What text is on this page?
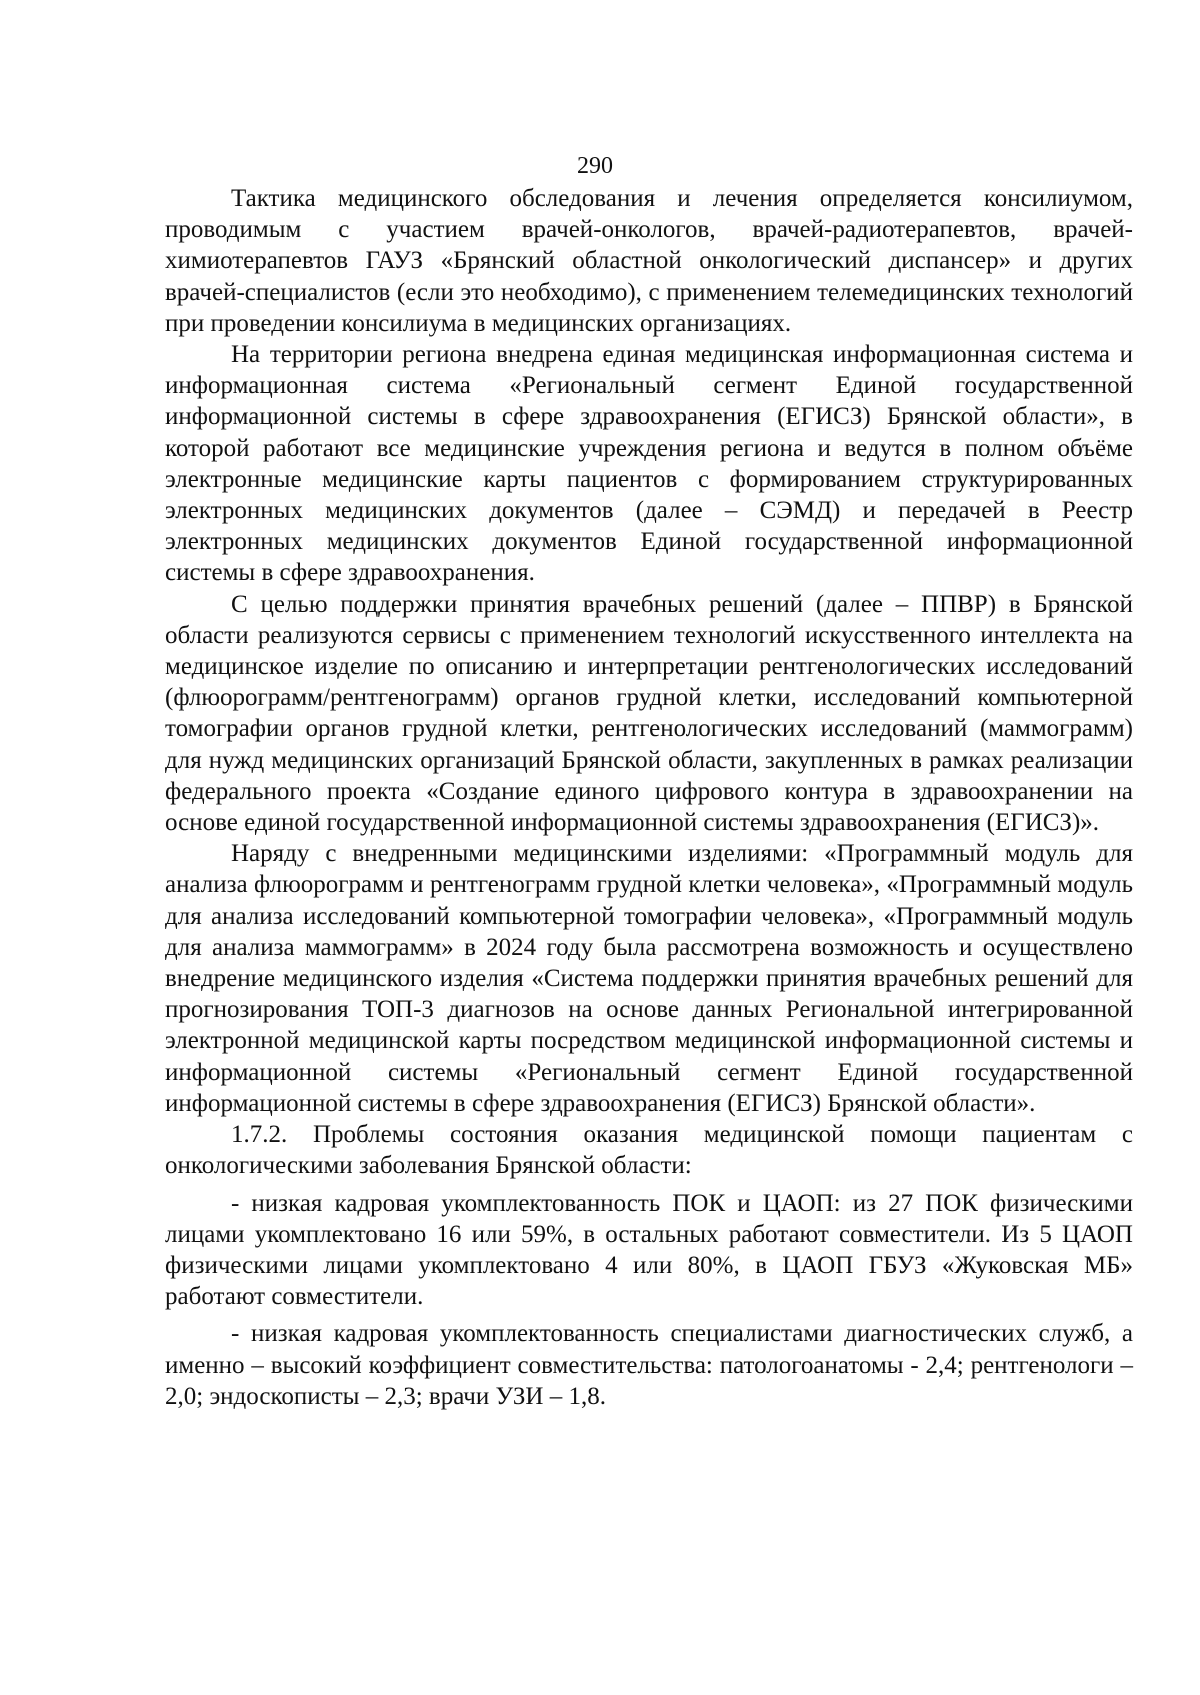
290

Тактика медицинского обследования и лечения определяется консилиумом, проводимым с участием врачей-онкологов, врачей-радиотерапевтов, врачей-химиотерапевтов ГАУЗ «Брянский областной онкологический диспансер» и других врачей-специалистов (если это необходимо), с применением телемедицинских технологий при проведении консилиума в медицинских организациях.

На территории региона внедрена единая медицинская информационная система и информационная система «Региональный сегмент Единой государственной информационной системы в сфере здравоохранения (ЕГИСЗ) Брянской области», в которой работают все медицинские учреждения региона и ведутся в полном объёме электронные медицинские карты пациентов с формированием структурированных электронных медицинских документов (далее – СЭМД) и передачей в Реестр электронных медицинских документов Единой государственной информационной системы в сфере здравоохранения.

С целью поддержки принятия врачебных решений (далее – ППВР) в Брянской области реализуются сервисы с применением технологий искусственного интеллекта на медицинское изделие по описанию и интерпретации рентгенологических исследований (флюорограмм/рентгенограмм) органов грудной клетки, исследований компьютерной томографии органов грудной клетки, рентгенологических исследований (маммограмм) для нужд медицинских организаций Брянской области, закупленных в рамках реализации федерального проекта «Создание единого цифрового контура в здравоохранении на основе единой государственной информационной системы здравоохранения (ЕГИСЗ)».

Наряду с внедренными медицинскими изделиями: «Программный модуль для анализа флюорограмм и рентгенограмм грудной клетки человека», «Программный модуль для анализа исследований компьютерной томографии человека», «Программный модуль для анализа маммограмм» в 2024 году была рассмотрена возможность и осуществлено внедрение медицинского изделия «Система поддержки принятия врачебных решений для прогнозирования ТОП-3 диагнозов на основе данных Региональной интегрированной электронной медицинской карты посредством медицинской информационной системы и информационной системы «Региональный сегмент Единой государственной информационной системы в сфере здравоохранения (ЕГИСЗ) Брянской области».

1.7.2. Проблемы состояния оказания медицинской помощи пациентам с онкологическими заболевания Брянской области:

- низкая кадровая укомплектованность ПОК и ЦАОП: из 27 ПОК физическими лицами укомплектовано 16 или 59%, в остальных работают совместители. Из 5 ЦАОП физическими лицами укомплектовано 4 или 80%, в ЦАОП ГБУЗ «Жуковская МБ» работают совместители.

- низкая кадровая укомплектованность специалистами диагностических служб, а именно – высокий коэффициент совместительства: патологоанатомы - 2,4; рентгенологи – 2,0; эндоскописты – 2,3; врачи УЗИ – 1,8.
